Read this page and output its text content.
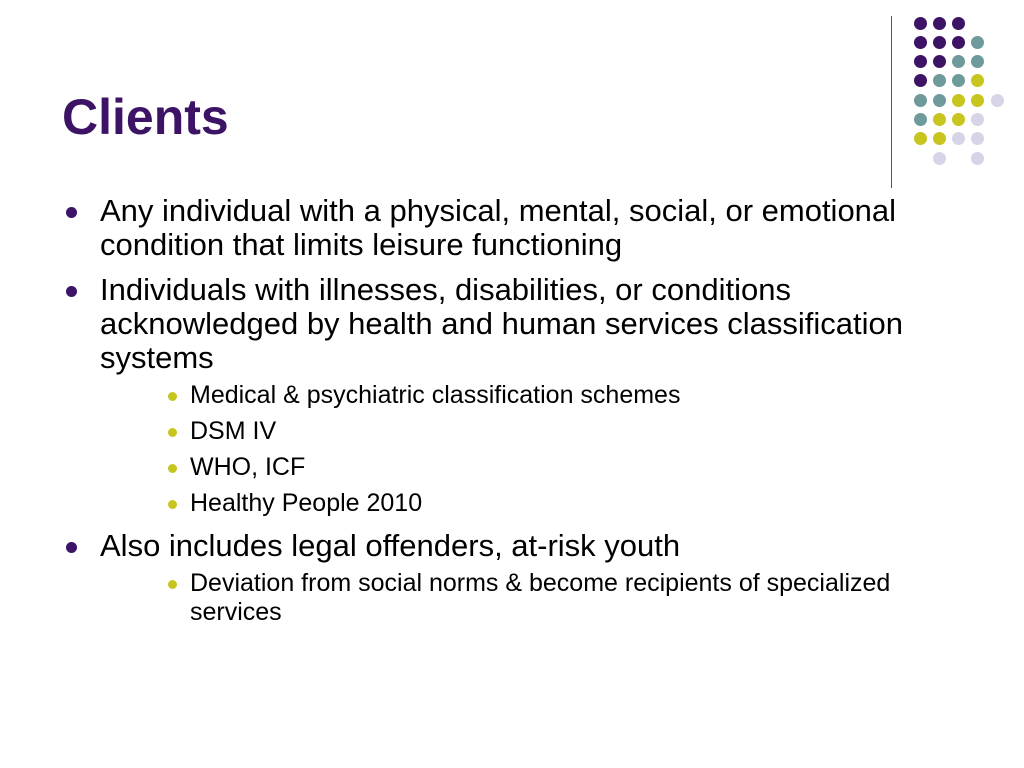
Clients
Any individual with a physical, mental, social, or emotional condition that limits leisure functioning
Individuals with illnesses, disabilities, or conditions acknowledged by health and human services classification systems
Medical & psychiatric classification schemes
DSM IV
WHO, ICF
Healthy People 2010
Also includes legal offenders, at-risk youth
Deviation from social norms & become recipients of specialized services
